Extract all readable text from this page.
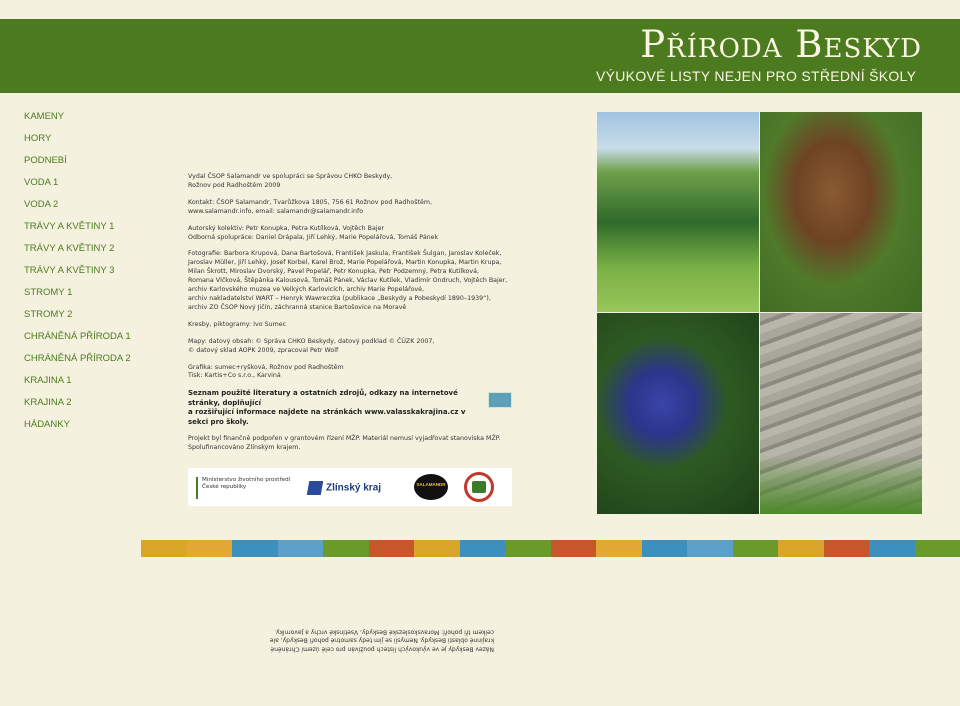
Příroda Beskyd
VÝUKOVÉ LISTY NEJEN PRO STŘEDNÍ ŠKOLY
KAMENY
HORY
PODNEBÍ
VODA 1
VODA 2
TRÁVY A KVĚTINY 1
TRÁVY A KVĚTINY 2
TRÁVY A KVĚTINY 3
STROMY 1
STROMY 2
CHRÁNĚNÁ PŘÍRODA 1
CHRÁNĚNÁ PŘÍRODA 2
KRAJINA 1
KRAJINA 2
HÁDANKY

Vydal ČSOP Salamandr ve spolupráci se Správou CHKO Beskydy,
Rožnov pod Radhoštěm 2009

Kontakt: ČSOP Salamandr, Tvarůžkova 1805, 756 61 Rožnov pod Radhoštěm,
www.salamandr.info, email: salamandr@salamandr.info

Autorský kolektiv: Petr Konupka, Petra Kutílková, Vojtěch Bajer
Odborná spolupráce: Daniel Drápala, Jiří Lehký, Marie Popelářová, Tomáš Pánek

Fotografie: Barbora Krupová, Dana Bartošová, František Jaskula, František Šulgan, Jaroslav Koleček,
Jaroslav Müller, Jiří Lehký, Josef Korbel, Karel Brož, Marie Popelářová, Martin Konupka, Martin Krupa,
Milan Škrott, Miroslav Dvorský, Pavel Popelář, Petr Konupka, Petr Podzemný, Petra Kutílková,
Romana Vlčková, Štěpánka Kalousová, Tomáš Pánek, Václav Kutílek, Vladimír Ondruch, Vojtěch Bajer,
archiv Karlovského muzea ve Velkých Karlovicích, archiv Marie Popelářové,
archiv nakladatelství WART – Henryk Wawreczka (publikace „Beskydy a Pobeskydí 1890–1939“),
archiv ZO ČSOP Nový Jičín, záchranná stanice Bartošovice na Moravě

Kresby, piktogramy: Ivo Sumec

Mapy: datový obsah: © Správa CHKO Beskydy, datový podklad © ČÚZK 2007,
© datový sklad AOPK 2009, zpracoval Petr Wolf

Grafika: sumec+ryšková, Rožnov pod Radhoštěm
Tisk: Kartis+Co s.r.o., Karviná

Seznam použité literatury a ostatních zdrojů, odkazy na internetové stránky, doplňující
a rozšiřující informace najdete na stránkách www.valasskakrajina.cz v sekci pro školy.

Projekt byl finančně podpořen v grantovém řízení MŽP. Materiál nemusí vyjadřovat stanoviska MŽP.
Spolufinancováno Zlínským krajem.

Ministerstvo životního prostředí
České republiky	Zlínský kraj	SALAMANDR
Název Beskydy je ve výukových listech používán pro celé území Chráněné krajinné oblasti Beskydy. Nemysli se jím tedy samotné pohoří Beskydy, ale celkem tři pohoří: Moravskoslezské Beskydy, Vsetínské vrchy a Javorníky.
